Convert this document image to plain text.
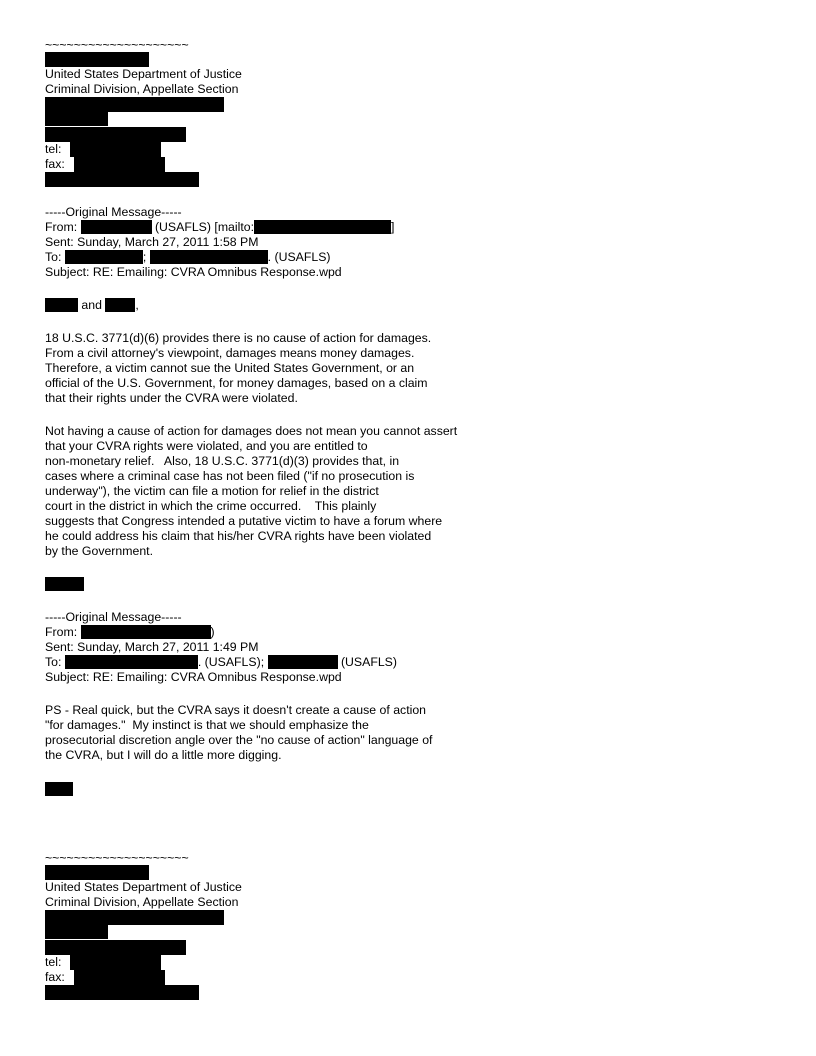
~~~~~~~~~~~~~~~~~~~~
United States Department of Justice
Criminal Division, Appellate Section
tel:
fax:
-----Original Message-----
From:	(USAFLS) [mailto:	]
Sent: Sunday, March 27, 2011 1:58 PM
To:	;	. (USAFLS)
Subject: RE: Emailing: CVRA Omnibus Response.wpd
and	,
18 U.S.C. 3771(d)(6) provides there is no cause of action for damages.
From a civil attorney's viewpoint, damages means money damages.
Therefore, a victim cannot sue the United States Government, or an
official of the U.S. Government, for money damages, based on a claim
that their rights under the CVRA were violated.
Not having a cause of action for damages does not mean you cannot assert
that your CVRA rights were violated, and you are entitled to
non-monetary relief.   Also, 18 U.S.C. 3771(d)(3) provides that, in
cases where a criminal case has not been filed ("if no prosecution is
underway"), the victim can file a motion for relief in the district
court in the district in which the crime occurred.    This plainly
suggests that Congress intended a putative victim to have a forum where
he could address his claim that his/her CVRA rights have been violated
by the Government.
-----Original Message-----
From:	)
Sent: Sunday, March 27, 2011 1:49 PM
To:	. (USAFLS);	(USAFLS)
Subject: RE: Emailing: CVRA Omnibus Response.wpd
PS - Real quick, but the CVRA says it doesn't create a cause of action
"for damages."  My instinct is that we should emphasize the
prosecutorial discretion angle over the "no cause of action" language of
the CVRA, but I will do a little more digging.
~~~~~~~~~~~~~~~~~~~~
United States Department of Justice
Criminal Division, Appellate Section
tel:
fax:
